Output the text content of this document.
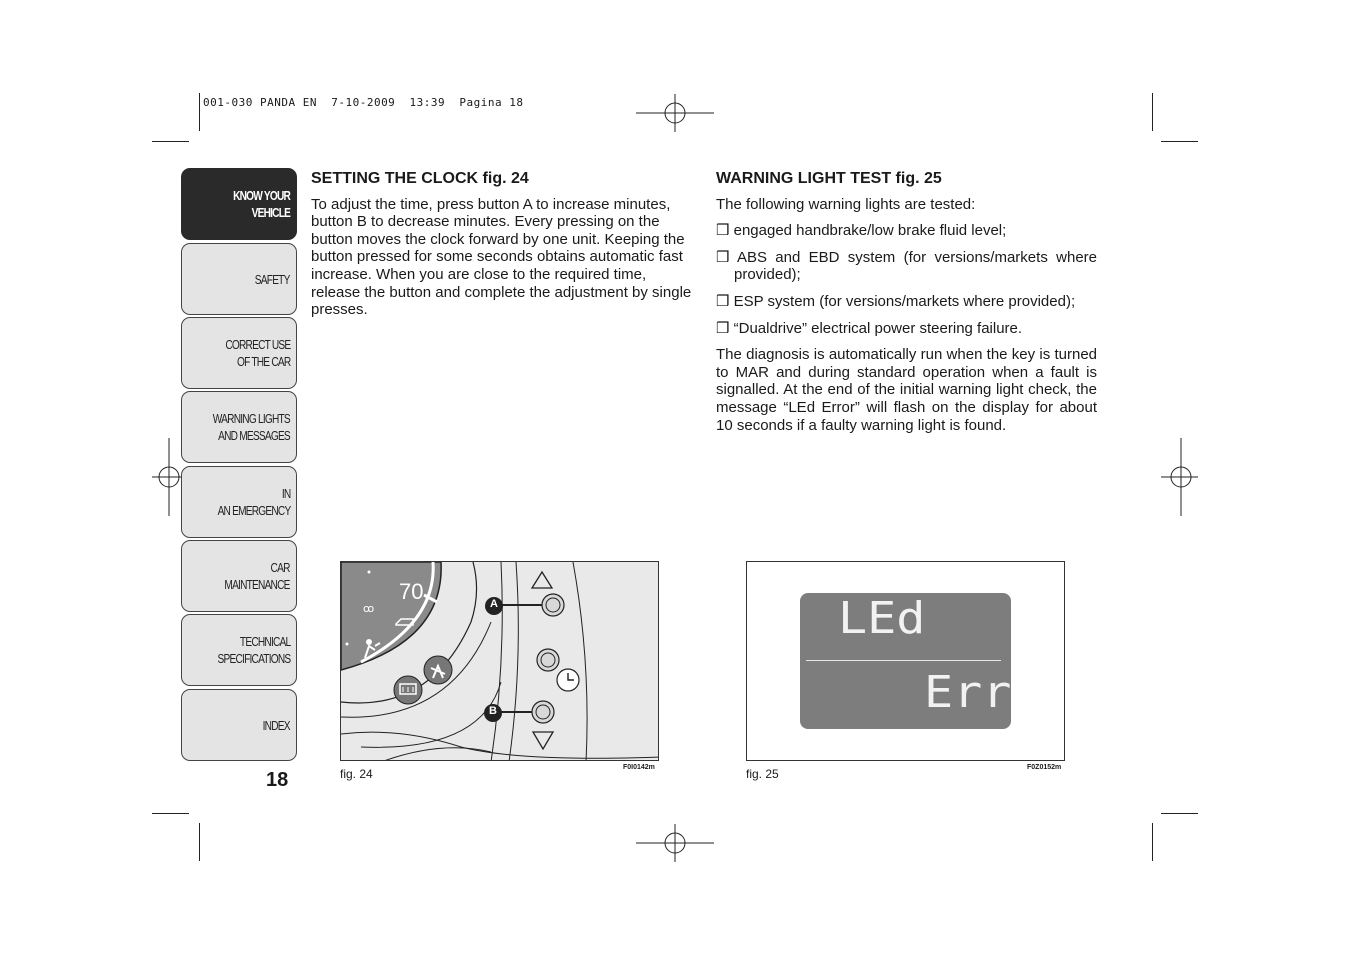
001-030 PANDA EN  7-10-2009  13:39  Pagina 18
KNOW YOUR
VEHICLE
SAFETY
CORRECT USE
OF THE CAR
WARNING LIGHTS
AND MESSAGES
IN
AN EMERGENCY
CAR
MAINTENANCE
TECHNICAL
SPECIFICATIONS
INDEX
18
SETTING THE CLOCK fig. 24
To adjust the time, press button A to increase minutes, button B to decrease minutes. Every pressing on the button moves the clock forward by one unit. Keeping the button pressed for some seconds obtains automatic fast increase. When you are close to the required time, release the button and complete the adjustment by single presses.
WARNING LIGHT TEST fig. 25
The following warning lights are tested:
❒ engaged handbrake/low brake fluid level;
❒ ABS and EBD system (for versions/markets where provided);
❒ ESP system (for versions/markets where provided);
❒ “Dualdrive” electrical power steering failure.
The diagnosis is automatically run when the key is turned to MAR and during standard operation when a fault is signalled. At the end of the initial warning light check, the message “LEd Error” will flash on the display for about 10 seconds if a faulty warning light is found.
ꝏ
70	A
B
fig. 24	F0I0142m
LEd
Err
fig. 25	F0Z0152m
